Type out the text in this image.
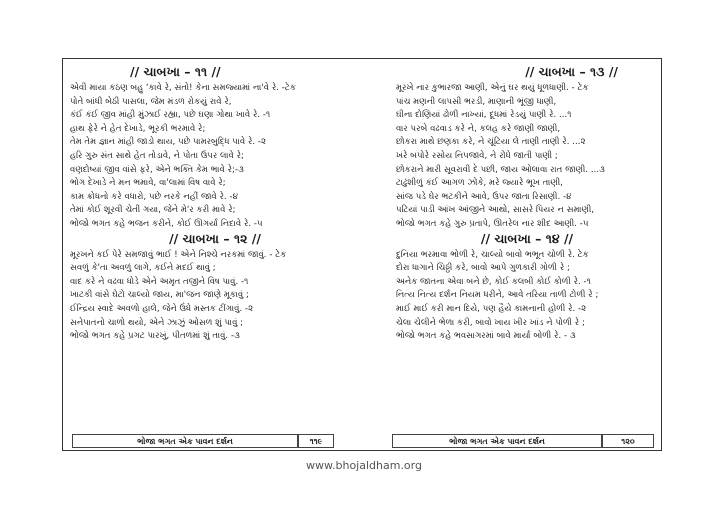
// ચાબખા – ૧૧ //
એવી માયા કઠણ બહુ 'કાવે રે, સંતો! કેના સમજ્યામાં ના'વે રે. -ટેક
પોતે બાંધી બેઠી પાસલા, જેમ મંડળ રોકયું રાવે રે,
કંઈ કંઈ જીવ માંહી મુંઝાઈ રહ્યા, પછે ઘણા ગોથા ખાવે રે. -૧
હાથ ફેરે ને હેત દેખાડે, ભૂરકી ભરમાવે રે;
તેમ તેમ જ્ઞાન માંહી જાડો થાય, પછે પામરબુદ્ધિ પાવે રે. -૨
હરિ ગુરુ સંત સાથે હેત તોડાવે, ને પોતા ઉપર લાવે રે;
વણદોષ્યાં જીવ વાંસે ફરે, એને ભક્તિ કેમ ભાવે રે;-૩
ભોગ દેખાડે ને મન ભમાવે, વા'લામાં વિષ વાવે રે;
કામ ક્રોધનો કરે વધારો, પછે નરકે નહીં જાવે રે. -૪
તેમાં કોઈ શૂરવી ચેતી ગયા, જેને મે'ર કરી માવે રે;
ભોજો ભગત કહે ભજન કરીને, કોઈ ઊગર્યા નિદાવે રે. -૫
// ચાબખા – ૧૨ //
મૂરખને કઈ પેરે સમજાવું ભાઈ ! એને નિશ્ચે નરકમાં જાવું. - ટેક
સવળું કે'તા અવળું લાગે, કઈને મદઈ થાવું ;
વાદ કરે ને વઢવા ધોડે એને અમૃત તજીને વિષ પાવું. -૧
ખાટકી વાંસે ઘેટો ચાલ્યો જાય, મા'જન જાણે મૂકાવું ;
ઈન્દ્રિય સ્વાદે અવળો હાલે, જેને ઉંધે મસ્તક ટીંગાવું. -૨
સનેપાતનો ચાળો થયો, એને ઝાઝું ઓસળ શું પાવું ;
ભોજો ભગત કહે પ્રગટ પારખું, પીતળમાં શું તાવું. -૩
// ચાબખા – ૧૩ //
મૂરખે નાર કુભારજા આણી, એનું ઘર થયું ધૂળધાણી. - ટેક
પાંચ મણની લાપસી ભરડી, માણાની ભૂંજી ધાણી,
ઘીના દોણિયાં ઢોળી નાખ્યાં, દૂધમાં રેડયું પાણી રે. ...૧
વાર પરબે વઢવાડ કરે ને, કલહ કરે જાણી જાણી,
છોકરા માથે છણકા કરે, ને ચૂંટિયા લે તાણી તાણી રે. ...૨
ખરે બપોરે રસોય નિપજાવે, ને રોંધે જાતી પાણી ;
છોકરાને મારી સૂવરાવી દે પછી, જાય ઓલાવા રાત જાણી. ...૩
ટાઢુંશીળું કંઈ આગળ ઝોંકે, મરે જ્યારે ભૂખ તાણી,
સાંજ પડે ઘેર ભટકીને આવે, ઉપર જાતા રિસાણી. -૪
પટિયાં પાડી આંખ આંજીને આથો, સાસરે પિયર ન સમાણી,
ભોજો ભગત કહે ગુરુ પ્રતાપે, ઊતરેલ નાર શીદ આણી. -૫
// ચાબખા – ૧૪ //
દુનિયા ભરમાવા ભોળી રે, ચાલ્યો બાવો ભભૂત ચોળી રે. ટેક
દોરા ધાગાને ચિઠ્ઠી કરે, બાવો આપે ગુળકારી ગોળી રે ;
અનેક જાતના એવા બને છે, કોઈ કલબી કોઈ કોળી રે. -૧
નિત્ય નિત્ય દર્શન નિયમ ધરીને, આવે તરિયા તાળી ટોળી રે ;
માઈ માઈ કરી માન દિયે, પણ હૈયે કામનાની હોળી રે. -૨
ચેલા ચેલીને ભેળા કરી, બાવો ખાય ખીર ખાંડ ને પોળી રે ;
ભોજો ભગત કહે ભવસાગરમાં બાવે માર્યા બોળી રે. - ૩
ભોજા ભગત એક પાવન દર્શન	૧૧૯	ભોજા ભગત એક પાવન દર્શન	૧૨૦
www.bhojaldham.org
